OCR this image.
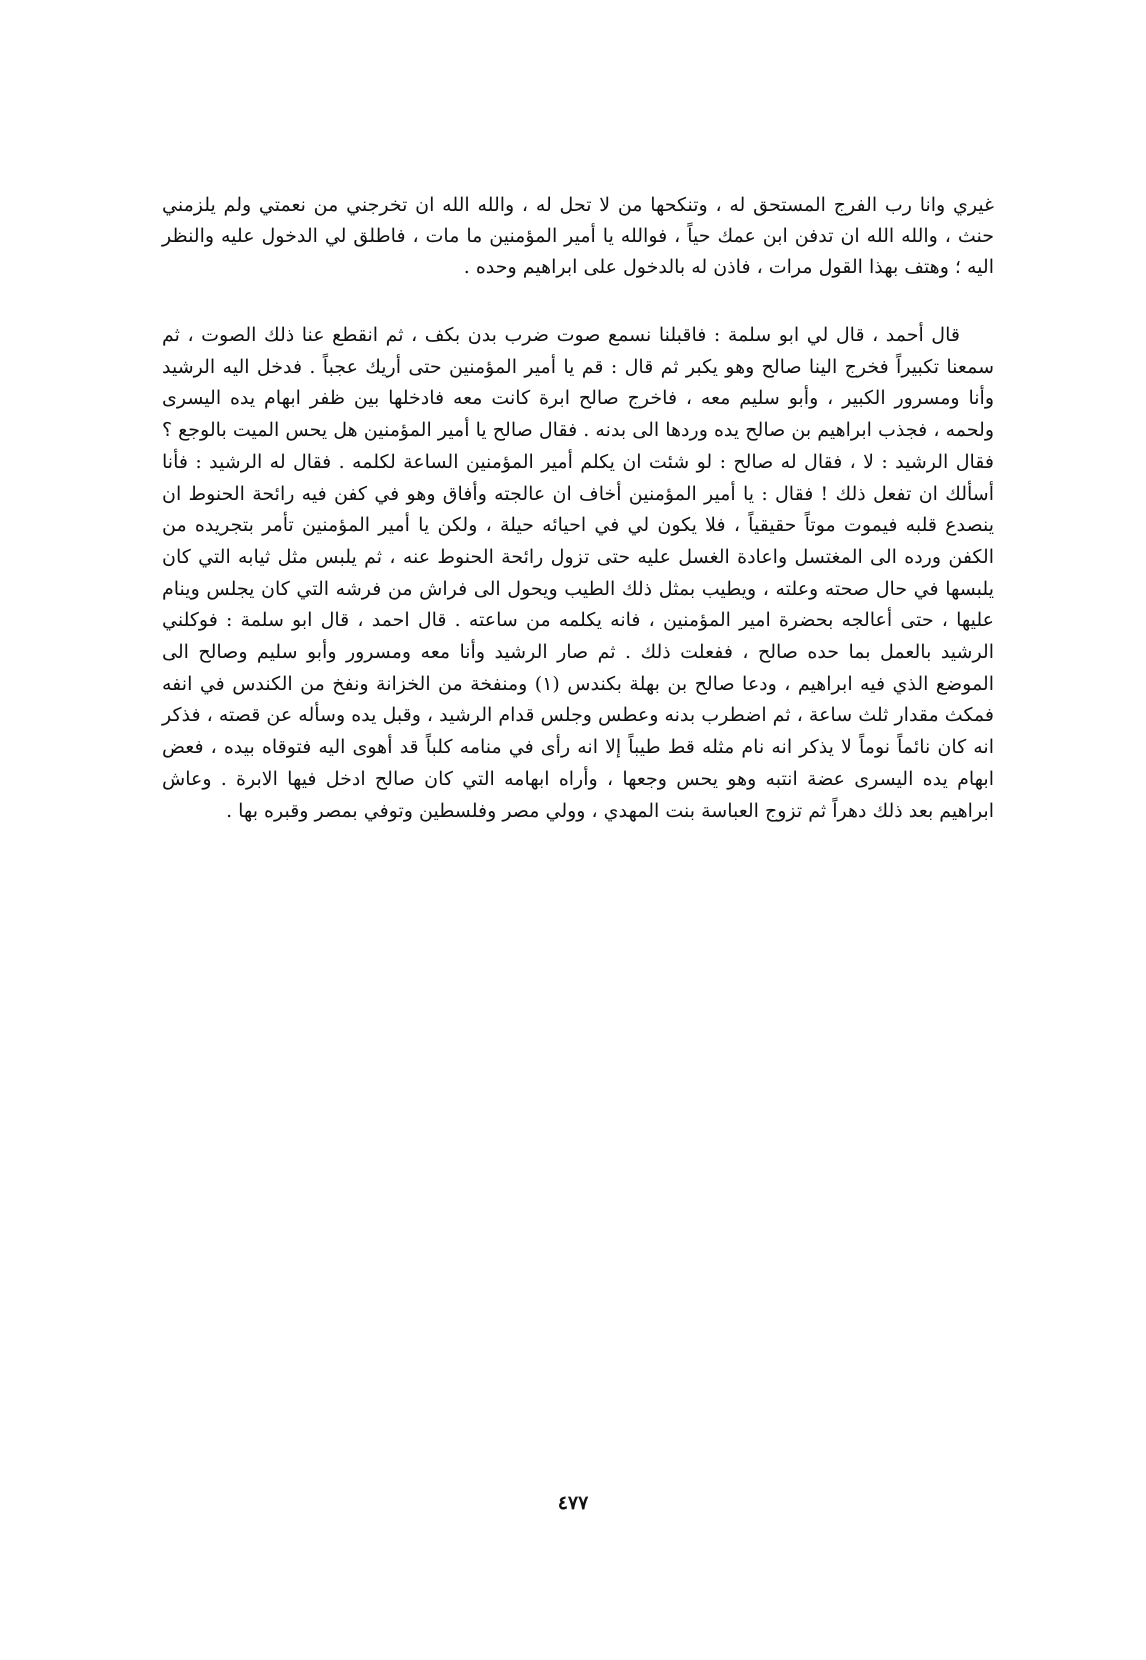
غيري وانا رب الفرج المستحق له ، وتنكحها من لا تحل له ، والله الله ان تخرجني من نعمتي ولم يلزمني حنث ، والله الله ان تدفن ابن عمك حياً ، فوالله يا أمير المؤمنين ما مات ، فاطلق لي الدخول عليه والنظر اليه ؛ وهتف بهذا القول مرات ، فاذن له بالدخول على ابراهيم وحده .

قال أحمد ، قال لي ابو سلمة : فاقبلنا نسمع صوت ضرب بدن بكف ، ثم انقطع عنا ذلك الصوت ، ثم سمعنا تكبيراً فخرج الينا صالح وهو يكبر ثم قال : قم يا أمير المؤمنين حتى أريك عجباً . فدخل اليه الرشيد وأنا ومسرور الكبير ، وأبو سليم معه ، فاخرج صالح ابرة كانت معه فادخلها بين ظفر ابهام يده اليسرى ولحمه ، فجذب ابراهيم بن صالح يده وردها الى بدنه . فقال صالح يا أمير المؤمنين هل يحس الميت بالوجع ؟ فقال الرشيد : لا ، فقال له صالح : لو شئت ان يكلم أمير المؤمنين الساعة لكلمه . فقال له الرشيد : فأنا أسألك ان تفعل ذلك ! فقال : يا أمير المؤمنين أخاف ان عالجته وأفاق وهو في كفن فيه رائحة الحنوط ان ينصدع قلبه فيموت موتاً حقيقياً ، فلا يكون لي في احيائه حيلة ، ولكن يا أمير المؤمنين تأمر بتجريده من الكفن ورده الى المغتسل واعادة الغسل عليه حتى تزول رائحة الحنوط عنه ، ثم يلبس مثل ثيابه التي كان يلبسها في حال صحته وعلته ، ويطيب بمثل ذلك الطيب ويحول الى فراش من فرشه التي كان يجلس وينام عليها ، حتى أعالجه بحضرة امير المؤمنين ، فانه يكلمه من ساعته . قال احمد ، قال ابو سلمة : فوكلني الرشيد بالعمل بما حده صالح ، ففعلت ذلك . ثم صار الرشيد وأنا معه ومسرور وأبو سليم وصالح الى الموضع الذي فيه ابراهيم ، ودعا صالح بن بهلة بكندس (١) ومنفخة من الخزانة ونفخ من الكندس في انفه فمكث مقدار ثلث ساعة ، ثم اضطرب بدنه وعطس وجلس قدام الرشيد ، وقبل يده وسأله عن قصته ، فذكر انه كان نائماً نوماً لا يذكر انه نام مثله قط طيباً إلا انه رأى في منامه كلباً قد أهوى اليه فتوقاه بيده ، فعض ابهام يده اليسرى عضة انتبه وهو يحس وجعها ، وأراه ابهامه التي كان صالح ادخل فيها الابرة . وعاش ابراهيم بعد ذلك دهراً ثم تزوج العباسة بنت المهدي ، وولي مصر وفلسطين وتوفي بمصر وقبره بها .

٤٧٧
